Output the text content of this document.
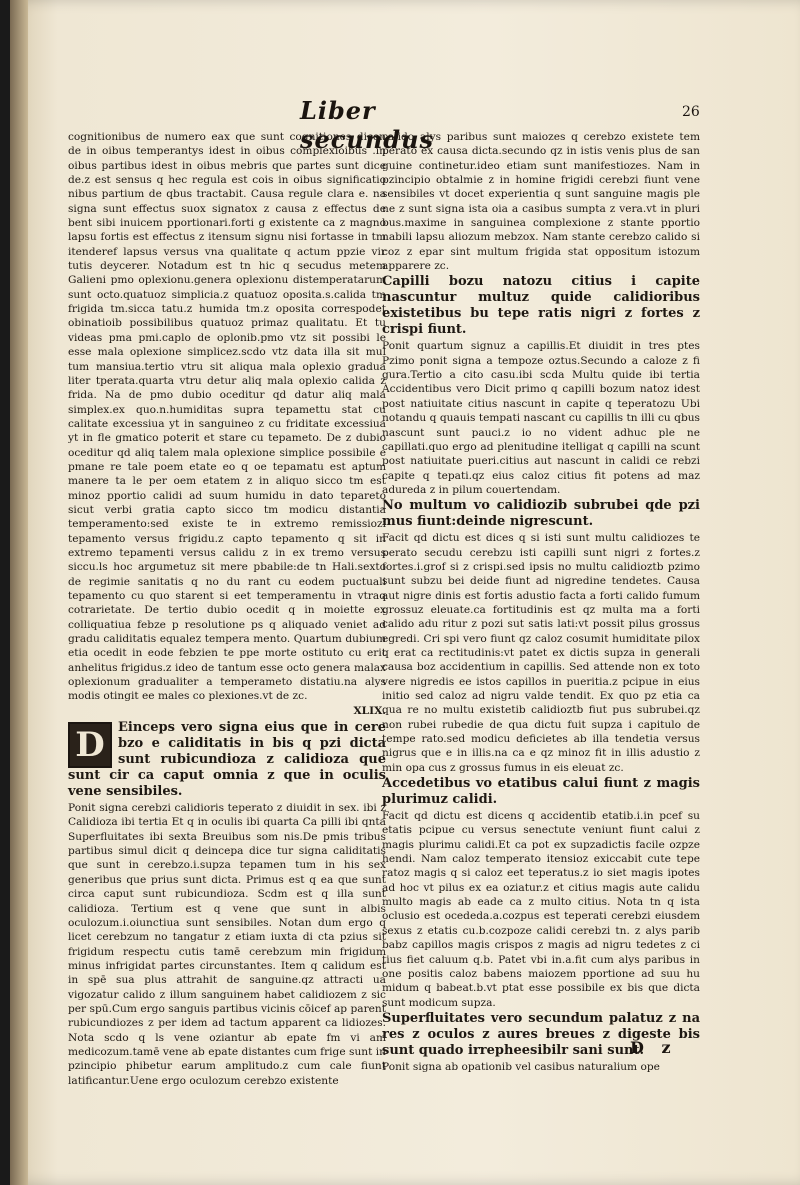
Liber secundus
26

cognitionibus de numero eax que sunt cognitiones dicen de in oibus temperantys idest in oibus complexioibus .in oibus partibus idest in oibus mebris que partes sunt dice de.z est sensus q hec regula est cois in oibus significatio nibus partium de qbus tractabit. Causa regule clara e. na signa sunt effectus suox signatox z causa z effectus de bent sibi inuicem pportionari.forti g existente ca z magno lapsu fortis est effectus z itensum signu nisi fortasse in tm itenderef lapsus versus vna qualitate q actum ppzie vir tutis deycerer. Notadum est tn hic q secudus metem Galieni pmo oplexionu.genera oplexionu distemperatarum sunt octo.quatuoz simplicia.z quatuoz oposita.s.calida tm frigida tm.sicca tatu.z humida tm.z oposita correspodet obinatioib possibilibus quatuoz primaz qualitatu. Et tu videas pma pmi.caplo de oplonib.pmo vtz sit possibi le esse mala oplexione simplicez.scdo vtz data illa sit mul tum mansiua.tertio vtru sit aliqua mala oplexio gradua liter tperata.quarta vtru detur aliq mala oplexio calida z frida. Na de pmo dubio oceditur qd datur aliq mala simplex.ex quo.n.humiditas supra tepamettu stat cu calitate excessiua yt in sanguineo z cu friditate excessiua yt in fle gmatico poterit et stare cu tepameto. De z dubio oceditur qd aliq talem mala oplexione simplice possibile e pmane re tale poem etate eo q oe tepamatu est aptum manere ta le per oem etatem z in aliquo sicco tm est minoz pportio calidi ad suum humidu in dato tepareto sicut verbi gratia capto sicco tm modicu distantia temperamento:sed existe te in extremo remissiozi tepamento versus frigidu.z capto tepamento q sit in extremo tepamenti versus calidu z in ex tremo versus siccu.ls hoc argumetuz sit mere pbabile:de tn Hali.sexto de regimie sanitatis q no du rant cu eodem puctuali tepamento cu quo starent si eet temperamentu in vtraq cotrarietate. De tertio dubio ocedit q in moiette ex colliquatiua febze p resolutione ps q aliquado veniet ad gradu caliditatis equalez tempera mento. Quartum dubium etia ocedit in eode febzien te ppe morte ostituto cu erit anhelitus frigidus.z ideo de tantum esse octo genera malax oplexionum gradualiter a temperameto distatiu.na alys modis otingit ee males co plexiones.vt de zc.

XLIX.

D	Einceps vero signa eius que in cere bzo e caliditatis in bis q pzi dicta sunt rubicundioza z calidioza que sunt cir ca caput omnia z que in oculis vene sensibiles.

Ponit signa cerebzi calidioris teperato z diuidit in sex. ibi z Calidioza ibi tertia Et q in oculis ibi quarta Ca pilli ibi qnta Superfluitates ibi sexta Breuibus som nis.De pmis tribus partibus simul dicit q deincepa dice tur signa caliditatis que sunt in cerebzo.i.supza tepamen tum in his sex generibus que prius sunt dicta. Primus est q ea que sunt circa caput sunt rubicundioza. Scdm est q illa sunt calidioza. Tertium est q vene que sunt in albis oculozum.i.oiunctiua sunt sensibiles. Notan dum ergo q licet cerebzum no tangatur z etiam iuxta di cta pzius sit frigidum respectu cutis tamē cerebzum min frigidum minus infrigidat partes circunstantes. Item q calidum est in spē sua plus attrahit de sanguine.qz attracti ua vigozatur calido z illum sanguinem habet calidiozem z sic per spū.Cum ergo sanguis partibus vicinis cōicef ap parent rubicundiozes z per idem ad tactum apparent ca lidiozes. Nota scdo q ls vene oziantur ab epate fm vi am medicozum.tamē vene ab epate distantes cum frige sunt in pzincipio phibetur earum amplitudo.z cum cale fiunt latificantur.Uene ergo oculozum cerebzo existente

calido alys paribus sunt maiozes q cerebzo existete tem perato ex causa dicta.secundo qz in istis venis plus de san guine continetur.ideo etiam sunt manifestiozes. Nam in pzincipio obtalmie z in homine frigidi cerebzi fiunt vene sensibiles vt docet experientia q sunt sanguine magis ple ne z sunt signa ista oia a casibus sumpta z vera.vt in pluri bus.maxime in sanguinea complexione z stante pportio nabili lapsu aliozum mebzox. Nam stante cerebzo calido si coz z epar sint multum frigida stat oppositum istozum apparere zc.

Capilli bozu natozu citius i capite nascuntur multuz quide calidioribus existetibus bu tepe ratis nigri z fortes z crispi fiunt.

Ponit quartum signuz a capillis.Et diuidit in tres ptes Pzimo ponit signa a tempoze oztus.Secundo a caloze z fi gura.Tertio a cito casu.ibi scda Multu quide ibi tertia Accidentibus vero Dicit primo q capilli bozum natoz idest post natiuitate citius nascunt in capite q teperatozu Ubi notandu q quauis tempati nascant cu capillis tn illi cu qbus nascunt sunt pauci.z io no vident adhuc ple ne capillati.quo ergo ad plenitudine itelligat q capilli na scunt post natiuitate pueri.citius aut nascunt in calidi ce rebzi capite q tepati.qz eius caloz citius fit potens ad maz adureda z in pilum couertendam.

No multum vo calidiozib subrubei qde pzi mus fiunt:deinde nigrescunt.

Facit qd dictu est dices q si isti sunt multu calidiozes te perato secudu cerebzu isti capilli sunt nigri z fortes.z fortes.i.grof si z crispi.sed ipsis no multu calidioztb pzimo sunt subzu bei deide fiunt ad nigredine tendetes. Causa aut nigre dinis est fortis adustio facta a forti calido fumum grossuz eleuate.ca fortitudinis est qz multa ma a forti calido adu ritur z pozi sut satis lati:vt possit pilus grossus egredi. Cri spi vero fiunt qz caloz cosumit humiditate pilox q erat ca rectitudinis:vt patet ex dictis supza in generali causa boz accidentium in capillis. Sed attende non ex toto vere nigredis ee istos capillos in pueritia.z pcipue in eius initio sed caloz ad nigru valde tendit. Ex quo pz etia ca qua re no multu existetib calidioztb fiut pus subrubei.qz non rubei rubedie de qua dictu fuit supza i capitulo de tempe rato.sed modicu deficietes ab illa tendetia versus nigrus que e in illis.na ca e qz minoz fit in illis adustio z min opa cus z grossus fumus in eis eleuat zc.

Accedetibus vo etatibus calui fiunt z magis plurimuz calidi.

Facit qd dictu est dicens q accidentib etatib.i.in pcef su etatis pcipue cu versus senectute veniunt fiunt calui z magis plurimu calidi.Et ca pot ex supzadictis facile ozpze hendi. Nam caloz temperato itensioz exiccabit cute tepe ratoz magis q si caloz eet teperatus.z io siet magis ipotes ad hoc vt pilus ex ea oziatur.z et citius magis aute calidu multo magis ab eade ca z multo citius. Nota tn q ista oclusio est ocededa.a.cozpus est teperati cerebzi eiusdem sexus z etatis cu.b.cozpoze calidi cerebzi tn. z alys parib babz capillos magis crispos z magis ad nigru tedetes z ci tius fiet caluum q.b. Patet vbi in.a.fit cum alys paribus in one positis caloz babens maiozem pportione ad suu hu midum q babeat.b.vt ptat esse possibile ex bis que dicta sunt modicum supza.

Superfluitates vero secundum palatuz z na res z oculos z aures breues z digeste bis sunt quado irrepheesibilr sani sunt.

Ponit signa ab opationib vel casibus naturalium ope

D z
